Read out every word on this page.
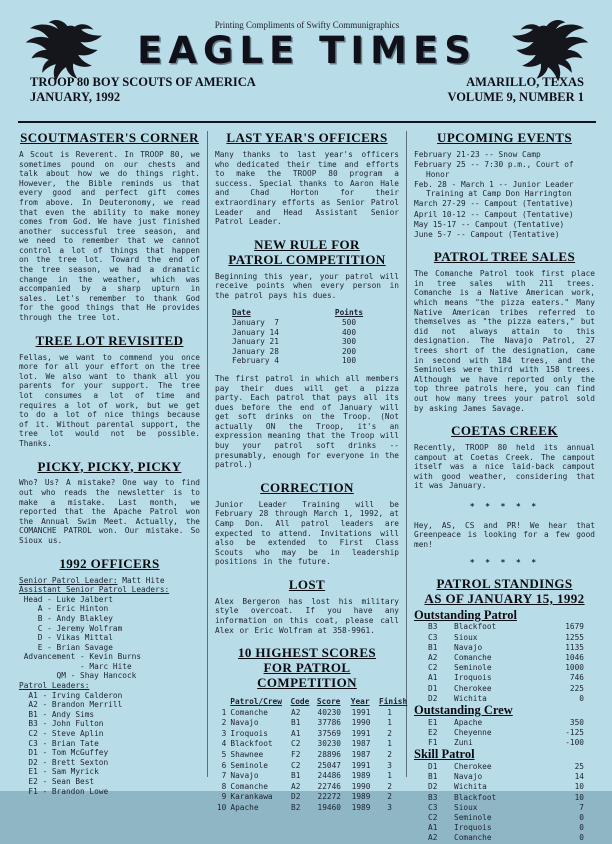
Printing Compliments of Swifty Communigraphics
EAGLE TIMES
TROOP 80 BOY SCOUTS OF AMERICA
JANUARY, 1992
AMARILLO, TEXAS
VOLUME 9, NUMBER 1
SCOUTMASTER'S CORNER

A Scout is Reverent. In TROOP 80, we sometimes pound on our chests and talk about how we do things right. However, the Bible reminds us that every good and perfect gift comes from above. In Deuteronomy, we read that even the ability to make money comes from God. We have just finished another successful tree season, and we need to remember that we cannot control a lot of things that happen on the tree lot. Toward the end of the tree season, we had a dramatic change in the weather, which was accompanied by a sharp upturn in sales. Let's remember to thank God for the good things that He provides through the tree lot.

TREE LOT REVISITED

Fellas, we want to commend you once more for all your effort on the tree lot. We also want to thank all you parents for your support. The tree lot consumes a lot of time and requires a lot of work, but we get to do a lot of nice things because of it. Without parental support, the tree lot would not be possible. Thanks.

PICKY, PICKY, PICKY

Who? Us? A mistake? One way to find out who reads the newsletter is to make a mistake. Last month, we reported that the Apache Patrol won the Annual Swim Meet. Actually, the COMANCHE PATROL won. Our mistake. So Sioux us.

1992 OFFICERS
Senior Patrol Leader: Matt Hite
Assistant Senior Patrol Leaders:
Head - Luke Jalbert
A - Eric Hinton
B - Andy Blakley
C - Jeremy Wolfram
D - Vikas Mittal
E - Brian Savage
Advancement - Kevin Burns
- Marc Hite
QM - Shay Hancock
Patrol Leaders:
A1 - Irving Calderon
A2 - Brandon Merrill
B1 - Andy Sims
B3 - John Fulton
C2 - Steve Aplin
C3 - Brian Tate
D1 - Tom McGuffey
D2 - Brett Sexton
E1 - Sam Myrick
E2 - Sean Best
F1 - Brandon Lowe
LAST YEAR'S OFFICERS

Many thanks to last year's officers who dedicated their time and efforts to make the TROOP 80 program a success. Special thanks to Aaron Hale and Chad Horton for their extraordinary efforts as Senior Patrol Leader and Head Assistant Senior Patrol Leader.

NEW RULE FOR
PATROL COMPETITION

Beginning this year, your patrol will receive points when every person in the patrol pays his dues.

Date	Points
January  7	500
January 14	400
January 21	300
January 28	200
February 4	100

The first patrol in which all members pay their dues will get a pizza party. Each patrol that pays all its dues before the end of January will get soft drinks on the Troop. (Not actually ON the Troop, it's an expression meaning that the Troop will buy your patrol soft drinks -- presumably, enough for everyone in the patrol.)

CORRECTION

Junior Leader Training will be February 28 through March 1, 1992, at Camp Don. All patrol leaders are expected to attend. Invitations will also be extended to First Class Scouts who may be in leadership positions in the future.

LOST

Alex Bergeron has lost his military style overcoat. If you have any information on this coat, please call Alex or Eric Wolfram at 358-9961.

10 HIGHEST SCORES
FOR PATROL COMPETITION
Patrol/Crew	Code Score	Year	Finish
1 Comanche	A2	40230	1991	1
2 Navajo	B1	37786	1990	1
3 Iroquois	A1	37569	1991	2
4 Blackfoot	C2	30230	1987	1
5 Shawnee	F2	28896	1987	2
6 Seminole	C2	25047	1991	3
7 Navajo	B1	24486	1989	1
8 Comanche	A2	22746	1990	2
9 Karankawa	D2	22272	1989	2
10 Apache	B2	19460	1989	3
UPCOMING EVENTS
February 21-23 -- Snow Camp
February 25 -- 7:30 p.m., Court of Honor
Feb. 28 - March 1 -- Junior Leader Training at Camp Don Harrington
March 27-29 -- Campout (Tentative)
April 10-12 -- Campout (Tentative)
May 15-17 -- Campout (Tentative)
June 5-7 -- Campout (Tentative)
PATROL TREE SALES

The Comanche Patrol took first place in tree sales with 211 trees. Comanche is a Native American work, which means "the pizza eaters." Many Native American tribes referred to themselves as "the pizza eaters," but did not always attain to this designation. The Navajo Patrol, 27 trees short of the designation, came in second with 184 trees, and the Seminoles were third with 158 trees. Although we have reported only the top three patrols here, you can find out how many trees your patrol sold by asking James Savage.

COETAS CREEK

Recently, TROOP 80 held its annual campout at Coetas Creek. The campout itself was a nice laid-back campout with good weather, considering that it was January.

* * * * *

Hey, AS, CS and PR! We hear that Greenpeace is looking for a few good men!

* * * * *
PATROL STANDINGS
AS OF JANUARY 15, 1992
Outstanding Patrol
B3	Blackfoot	1679
C3	Sioux	1255
B1	Navajo	1135
A2	Comanche	1046
C2	Seminole	1000
A1	Iroquois	746
D1	Cherokee	225
D2	Wichita	0
Outstanding Crew
E1	Apache	350
E2	Cheyenne	-125
F1	Zuni	-100
Skill Patrol
D1	Cherokee	25
B1	Navajo	14
D2	Wichita	10
B3	Blackfoot	10
C3	Sioux	7
C2	Seminole	0
A1	Iroquois	0
A2	Comanche	0
